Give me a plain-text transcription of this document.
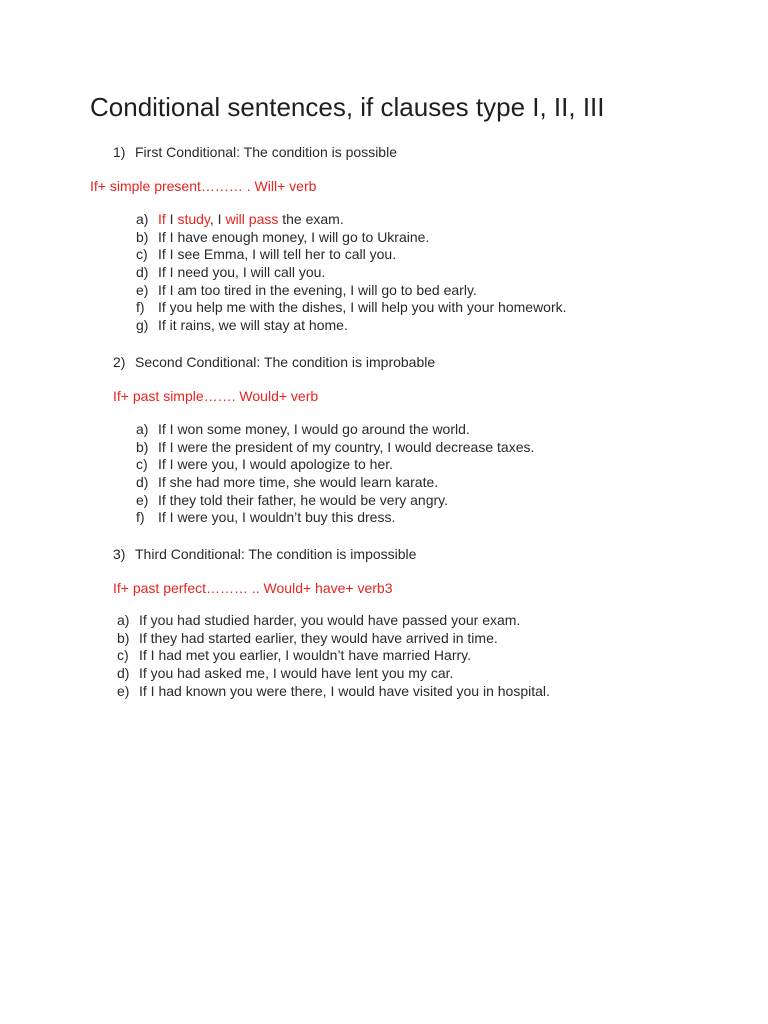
Conditional sentences, if clauses type I, II, III
1) First Conditional: The condition is possible
If+ simple present……… . Will+ verb
a) If I study, I will pass the exam.
b) If I have enough money, I will go to Ukraine.
c) If I see Emma, I will tell her to call you.
d) If I need you, I will call you.
e) If I am too tired in the evening, I will go to bed early.
f) If you help me with the dishes, I will help you with your homework.
g) If it rains, we will stay at home.
2) Second Conditional: The condition is improbable
If+ past simple……. Would+ verb
a) If I won some money, I would go around the world.
b) If I were the president of my country, I would decrease taxes.
c) If I were you, I would apologize to her.
d) If she had more time, she would learn karate.
e) If they told their father, he would be very angry.
f) If I were you, I wouldn’t buy this dress.
3) Third Conditional: The condition is impossible
If+ past perfect……… .. Would+ have+ verb3
a) If you had studied harder, you would have passed your exam.
b) If they had started earlier, they would have arrived in time.
c) If I had met you earlier, I wouldn’t have married Harry.
d) If you had asked me, I would have lent you my car.
e) If I had known you were there, I would have visited you in hospital.
